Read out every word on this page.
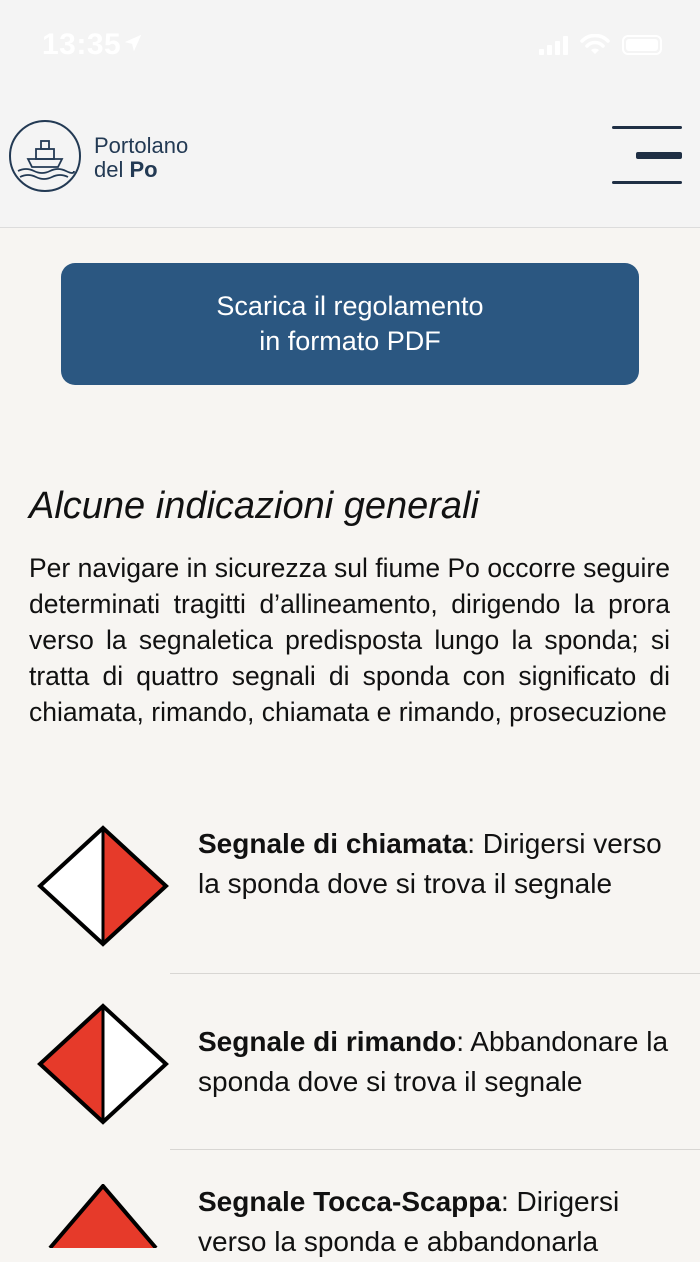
13:35
Portolano
del Po
Scarica il regolamento
in formato PDF
Alcune indicazioni generali

Per navigare in sicurezza sul fiume Po occorre seguire determinati tragitti d’allineamento, dirigendo la prora verso la segnaletica predisposta lungo la sponda; si tratta di quattro segnali di sponda con significato di chiamata, rimando, chiamata e rimando, prosecuzione

Segnale di chiamata: Dirigersi verso la sponda dove si trova il segnale

Segnale di rimando: Abbandonare la sponda dove si trova il segnale

Segnale Tocca-Scappa: Dirigersi verso la sponda e abbandonarla
